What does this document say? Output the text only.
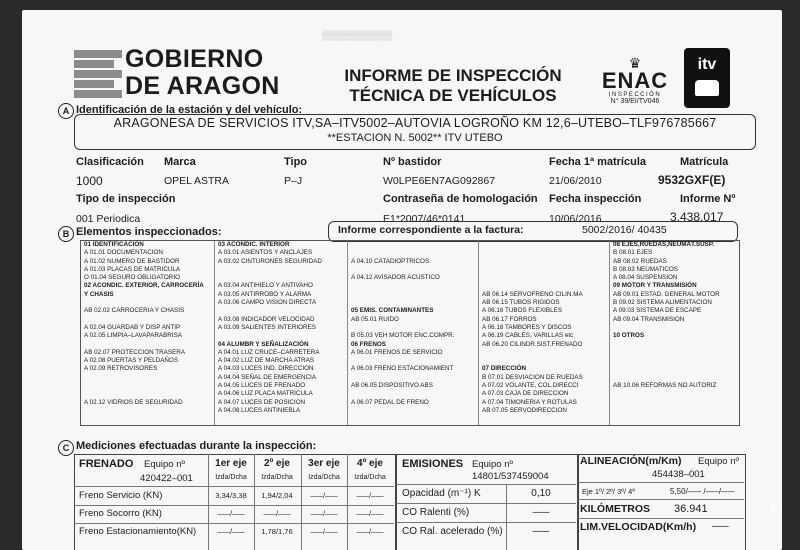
GOBIERNO
DE ARAGON
▒▒▒▒▒▒▒▒▒▒▒
INFORME DE INSPECCIÓN
TÉCNICA DE VEHÍCULOS
♛
ENAC
INSPECCIÓN
N° 39/EI/TV046
itv
A Identificación de la estación y del vehículo:
ARAGONESA DE SERVICIOS ITV,SA–ITV5002–AUTOVIA LOGROÑO KM 12,6–UTEBO–TLF976785667
**ESTACION N. 5002** ITV UTEBO
Clasificación
1000
Marca
OPEL ASTRA
Tipo
P–J
Nº bastidor
W0LPE6EN7AG092867
Fecha 1ª matrícula
21/06/2010
Matrícula
9532GXF(E)
Tipo de inspección
001 Periodica
Contraseña de homologación
E1*2007/46*0141
Fecha inspección
10/06/2016
Informe Nº
3.438.017
B Elementos inspeccionados:	Informe correspondiente a la factura:	5002/2016/ 40435
01 IDENTIFICACIÓN
A 01.01 DOCUMENTACION
A 01.02 NUMERO DE BASTIDOR
A 01.03 PLACAS DE MATRICULA
O 01.04 SEGURO OBLIGATORIO
02 ACONDIC. EXTERIOR, CARROCERÍA
Y CHASIS

AB 02.02 CARROCERIA Y CHASIS

A 02.04 GUARDAB Y DISP ANTIP
A 02.05 LIMPIA–LAVAPARABRISA

AB 02.07 PROTECCION TRASERA
A 02.08 PUERTAS Y PELDAÑOS
A 02.09 RETROVISORES

A 02.12 VIDRIOS DE SEGURIDAD
03 ACONDIC. INTERIOR
A 03.01 ASIENTOS Y ANCLAJES
A 03.02 CINTURONES SEGURIDAD

A 03.04 ANTIHIELO Y ANTIVAHO
A 03.05 ANTIRROBO Y ALARMA
A 03.06 CAMPO VISION DIRECTA

A 03.08 INDICADOR VELOCIDAD
A 03.09 SALIENTES INTERIORES

04 ALUMBR Y SEÑALIZACIÓN
A 04.01 LUZ CRUCE–CARRETERA
A 04.02 LUZ DE MARCHA ATRAS
A 04.03 LUCES IND. DIRECCION
A 04.04 SEÑAL DE EMERGENCIA
A 04.05 LUCES DE FRENADO
A 04.06 LUZ PLACA MATRICULA
A 04.07 LUCES DE POSICION
A 04.08 LUCES ANTINIEBLA

A 04.10 CATADIOPTRICOS

A 04.12 AVISADOR ACUSTICO

05 EMIS. CONTAMINANTES
AB 05.01 RUIDO

B 05.03 VEH MOTOR ENC.COMPR.
06 FRENOS
A 06.01 FRENOS DE SERVICIO

A 06.03 FRENO ESTACIONAMIENT

AB 06.05 DISPOSITIVO ABS

A 06.07 PEDAL DE FRENO

AB 06.14 SERVOFRENO CILIN.MA
AB 06.15 TUBOS RIGIDOS
A 06.16 TUBOS FLEXIBLES
AB 06.17 FORROS
A 06.18 TAMBORES Y DISCOS
A 06.19 CABLES, VARILLAS etc
AB 06.20 CILINDR.SIST.FRENADO

07 DIRECCIÓN
B 07.01 DESVIACION DE RUEDAS
A 07.02 VOLANTE, COL.DIRECCI
A 07.03 CAJA DE DIRECCION
A 07.04 TIMONERIA Y ROTULAS
AB 07.05 SERVODIRECCION
08 EJES,RUEDAS,NEUMÁT.SUSP.
B 08.01 EJES
AB 08.02 RUEDAS
B 08.03 NEUMATICOS
A 08.04 SUSPENSION
09 MOTOR Y TRANSMISIÓN
AB 09.01 ESTAD. GENERAL MOTOR
B 09.02 SISTEMA ALIMENTACION
A 09.03 SISTEMA DE ESCAPE
AB 09.04 TRANSMISION

10 OTROS

AB 10.06 REFORMAS NO AUTORIZ
C Mediciones efectuadas durante la inspección:
FRENADO Equipo nº
420422–001
1er eje
Izda/Dcha
2º eje
Izda/Dcha
3er eje
Izda/Dcha
4º eje
Izda/Dcha
Freno Servicio (KN)	3,34/3,38	1,94/2,04	–––/–––	–––/–––
Freno Socorro (KN)	–––/–––	–––/–––	–––/–––	–––/–––
Freno Estacionamiento(KN)	–––/–––	1,78/1,76	–––/–––	–––/–––
EMISIONES Equipo nº
14801/537459004
Opacidad (m⁻¹) K	0,10
CO Ralenti (%)	–––
CO Ral. acelerado (%)	–––
ALINEACIÓN(m/Km) Equipo nº
454438–001
Eje 1º/ 2º/ 3º/ 4º	5,50/––– /–––/–––
KILÓMETROS 36.941
LIM.VELOCIDAD(Km/h) –––
c.
